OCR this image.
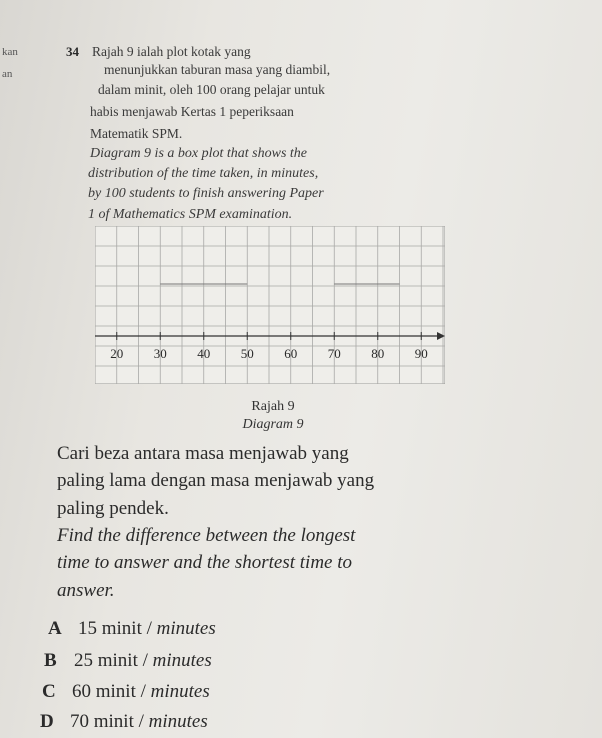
kan
an
34 Rajah 9 ialah plot kotak yang
menunjukkan taburan masa yang diambil,
dalam minit, oleh 100 orang pelajar untuk
habis menjawab Kertas 1 peperiksaan
Matematik SPM.
Diagram 9 is a box plot that shows the
distribution of the time taken, in minutes,
by 100 students to finish answering Paper
1 of Mathematics SPM examination.
20 30 40 50 60 70 80 90
Rajah 9
Diagram 9
Cari beza antara masa menjawab yang
paling lama dengan masa menjawab yang
paling pendek.
Find the difference between the longest
time to answer and the shortest time to
answer.
A 15 minit / minutes
B 25 minit / minutes
C 60 minit / minutes
D 70 minit / minutes
